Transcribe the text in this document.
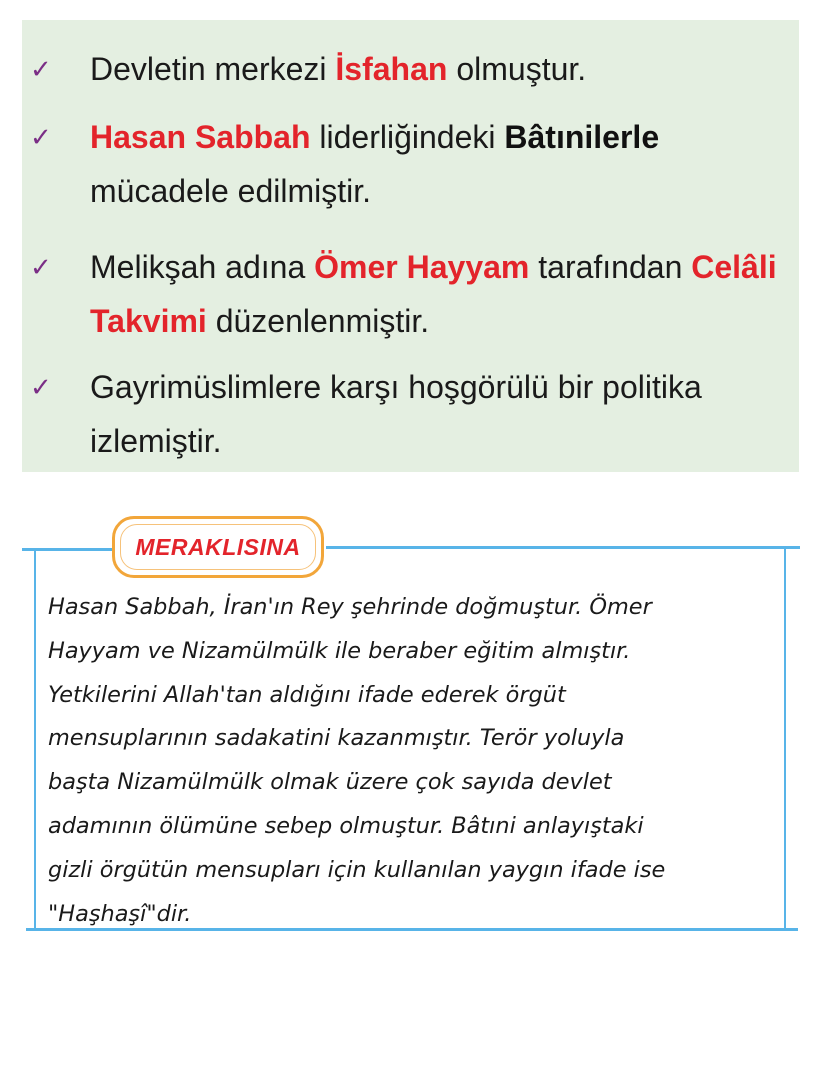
✓ Devletin merkezi İsfahan olmuştur.
✓ Hasan Sabbah liderliğindeki Bâtınilerle mücadele edilmiştir.
✓ Melikşah adına Ömer Hayyam tarafından Celâli Takvimi düzenlenmiştir.
✓ Gayrimüslimlere karşı hoşgörülü bir politika izlemiştir.
MERAKLISINA
Hasan Sabbah, İran'ın Rey şehrinde doğmuştur. Ömer
Hayyam ve Nizamülmülk ile beraber eğitim almıştır.
Yetkilerini Allah'tan aldığını ifade ederek örgüt
mensuplarının sadakatini kazanmıştır. Terör yoluyla
başta Nizamülmülk olmak üzere çok sayıda devlet
adamının ölümüne sebep olmuştur. Bâtıni anlayıştaki
gizli örgütün mensupları için kullanılan yaygın ifade ise
"Haşhaşî"dir.
